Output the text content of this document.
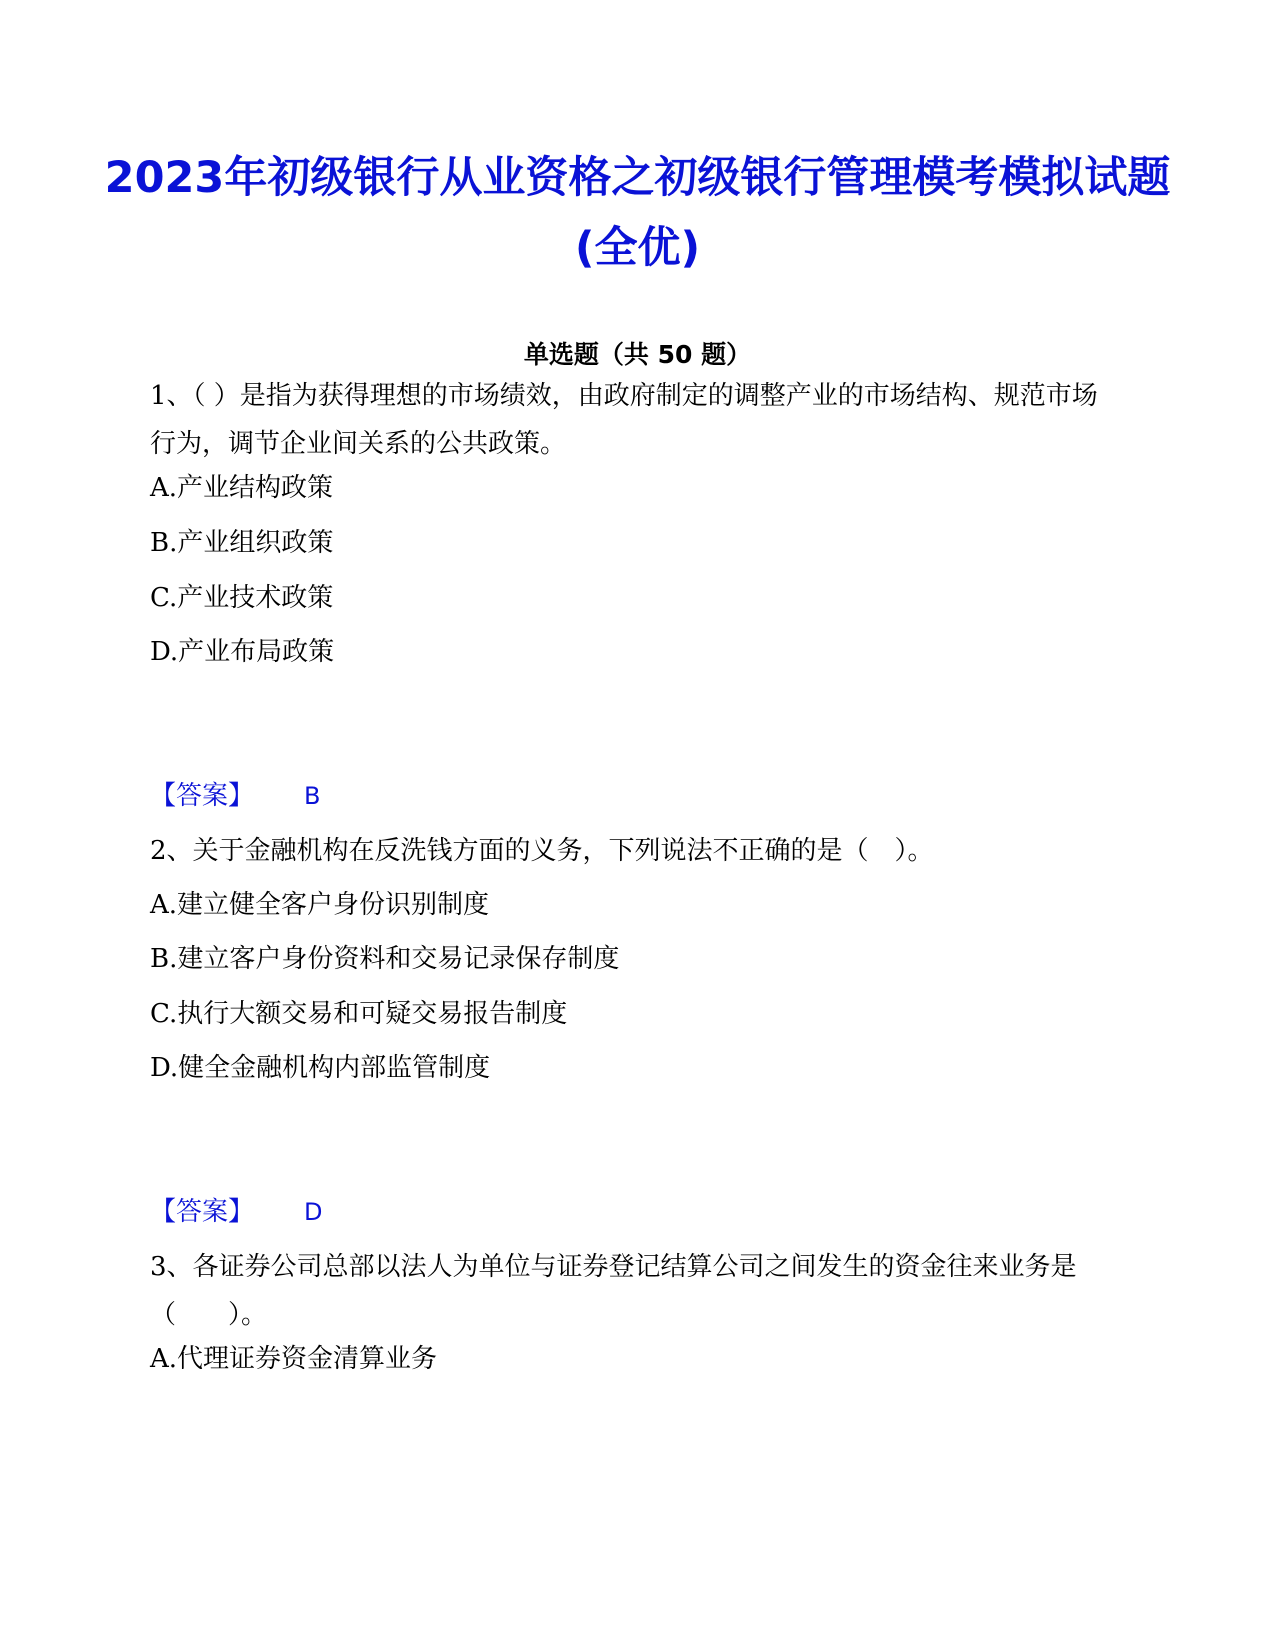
2023年初级银行从业资格之初级银行管理模考模拟试题(全优)
单选题（共 50 题）

1、（ ）是指为获得理想的市场绩效，由政府制定的调整产业的市场结构、规范市场行为，调节企业间关系的公共政策。

A.产业结构政策

B.产业组织政策

C.产业技术政策

D.产业布局政策

【答案】 B

2、关于金融机构在反洗钱方面的义务，下列说法不正确的是（　）。

A.建立健全客户身份识别制度

B.建立客户身份资料和交易记录保存制度

C.执行大额交易和可疑交易报告制度

D.健全金融机构内部监管制度

【答案】 D

3、各证券公司总部以法人为单位与证券登记结算公司之间发生的资金往来业务是（　　）。

A.代理证券资金清算业务
